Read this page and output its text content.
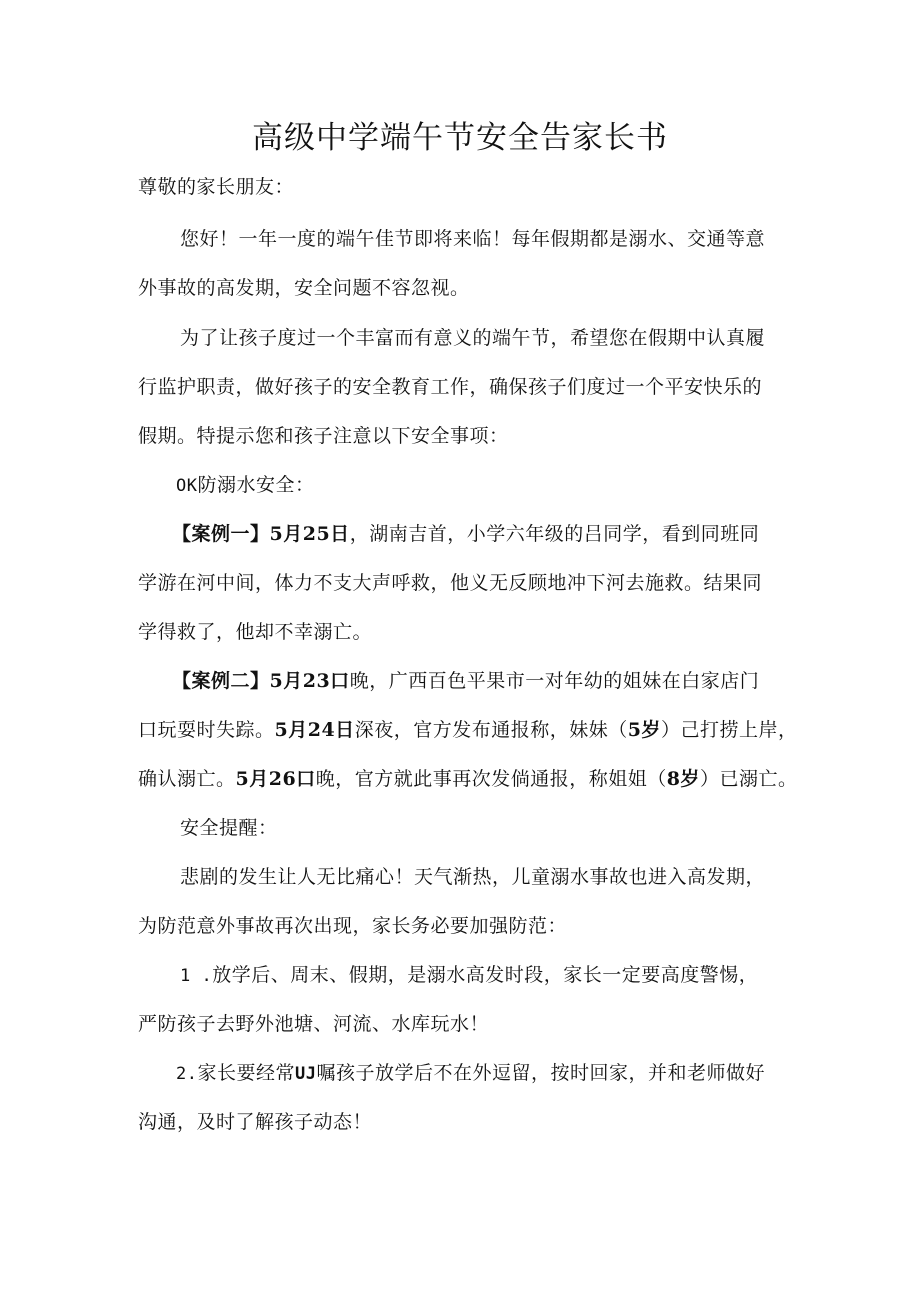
高级中学端午节安全告家长书
尊敬的家长朋友：
您好！一年一度的端午佳节即将来临！每年假期都是溺水、交通等意
外事故的高发期，安全问题不容忽视。
为了让孩子度过一个丰富而有意义的端午节，希望您在假期中认真履
行监护职责，做好孩子的安全教育工作，确保孩子们度过一个平安快乐的
假期。特提示您和孩子注意以下安全事项：
OK防溺水安全：
【案例一】5月25日，湖南吉首，小学六年级的吕同学，看到同班同
学游在河中间，体力不支大声呼救，他义无反顾地冲下河去施救。结果同
学得救了，他却不幸溺亡。
【案例二】5月23口晚，广西百色平果市一对年幼的姐妹在白家店门
口玩耍时失踪。5月24日深夜，官方发布通报称，妹妹（5岁）己打捞上岸，
确认溺亡。5月26口晚，官方就此事再次发倘通报，称姐姐（8岁）已溺亡。
安全提醒：
悲剧的发生让人无比痛心！天气渐热，儿童溺水事故也进入高发期，
为防范意外事故再次出现，家长务必要加强防范：
1 .放学后、周末、假期，是溺水高发时段，家长一定要高度警惕，
严防孩子去野外池塘、河流、水库玩水！
2.家长要经常UJ嘱孩子放学后不在外逗留，按时回家，并和老师做好
沟通，及时了解孩子动态！
